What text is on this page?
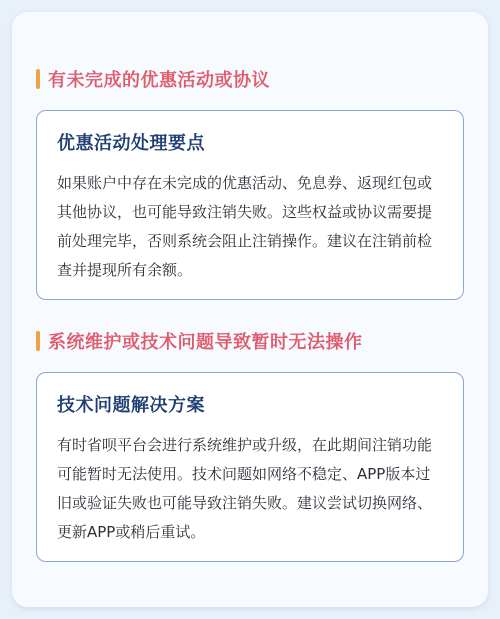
有未完成的优惠活动或协议
优惠活动处理要点
如果账户中存在未完成的优惠活动、免息券、返现红包或其他协议，也可能导致注销失败。这些权益或协议需要提前处理完毕，否则系统会阻止注销操作。建议在注销前检查并提现所有余额。
系统维护或技术问题导致暂时无法操作
技术问题解决方案
有时省呗平台会进行系统维护或升级，在此期间注销功能可能暂时无法使用。技术问题如网络不稳定、APP版本过旧或验证失败也可能导致注销失败。建议尝试切换网络、更新APP或稍后重试。
